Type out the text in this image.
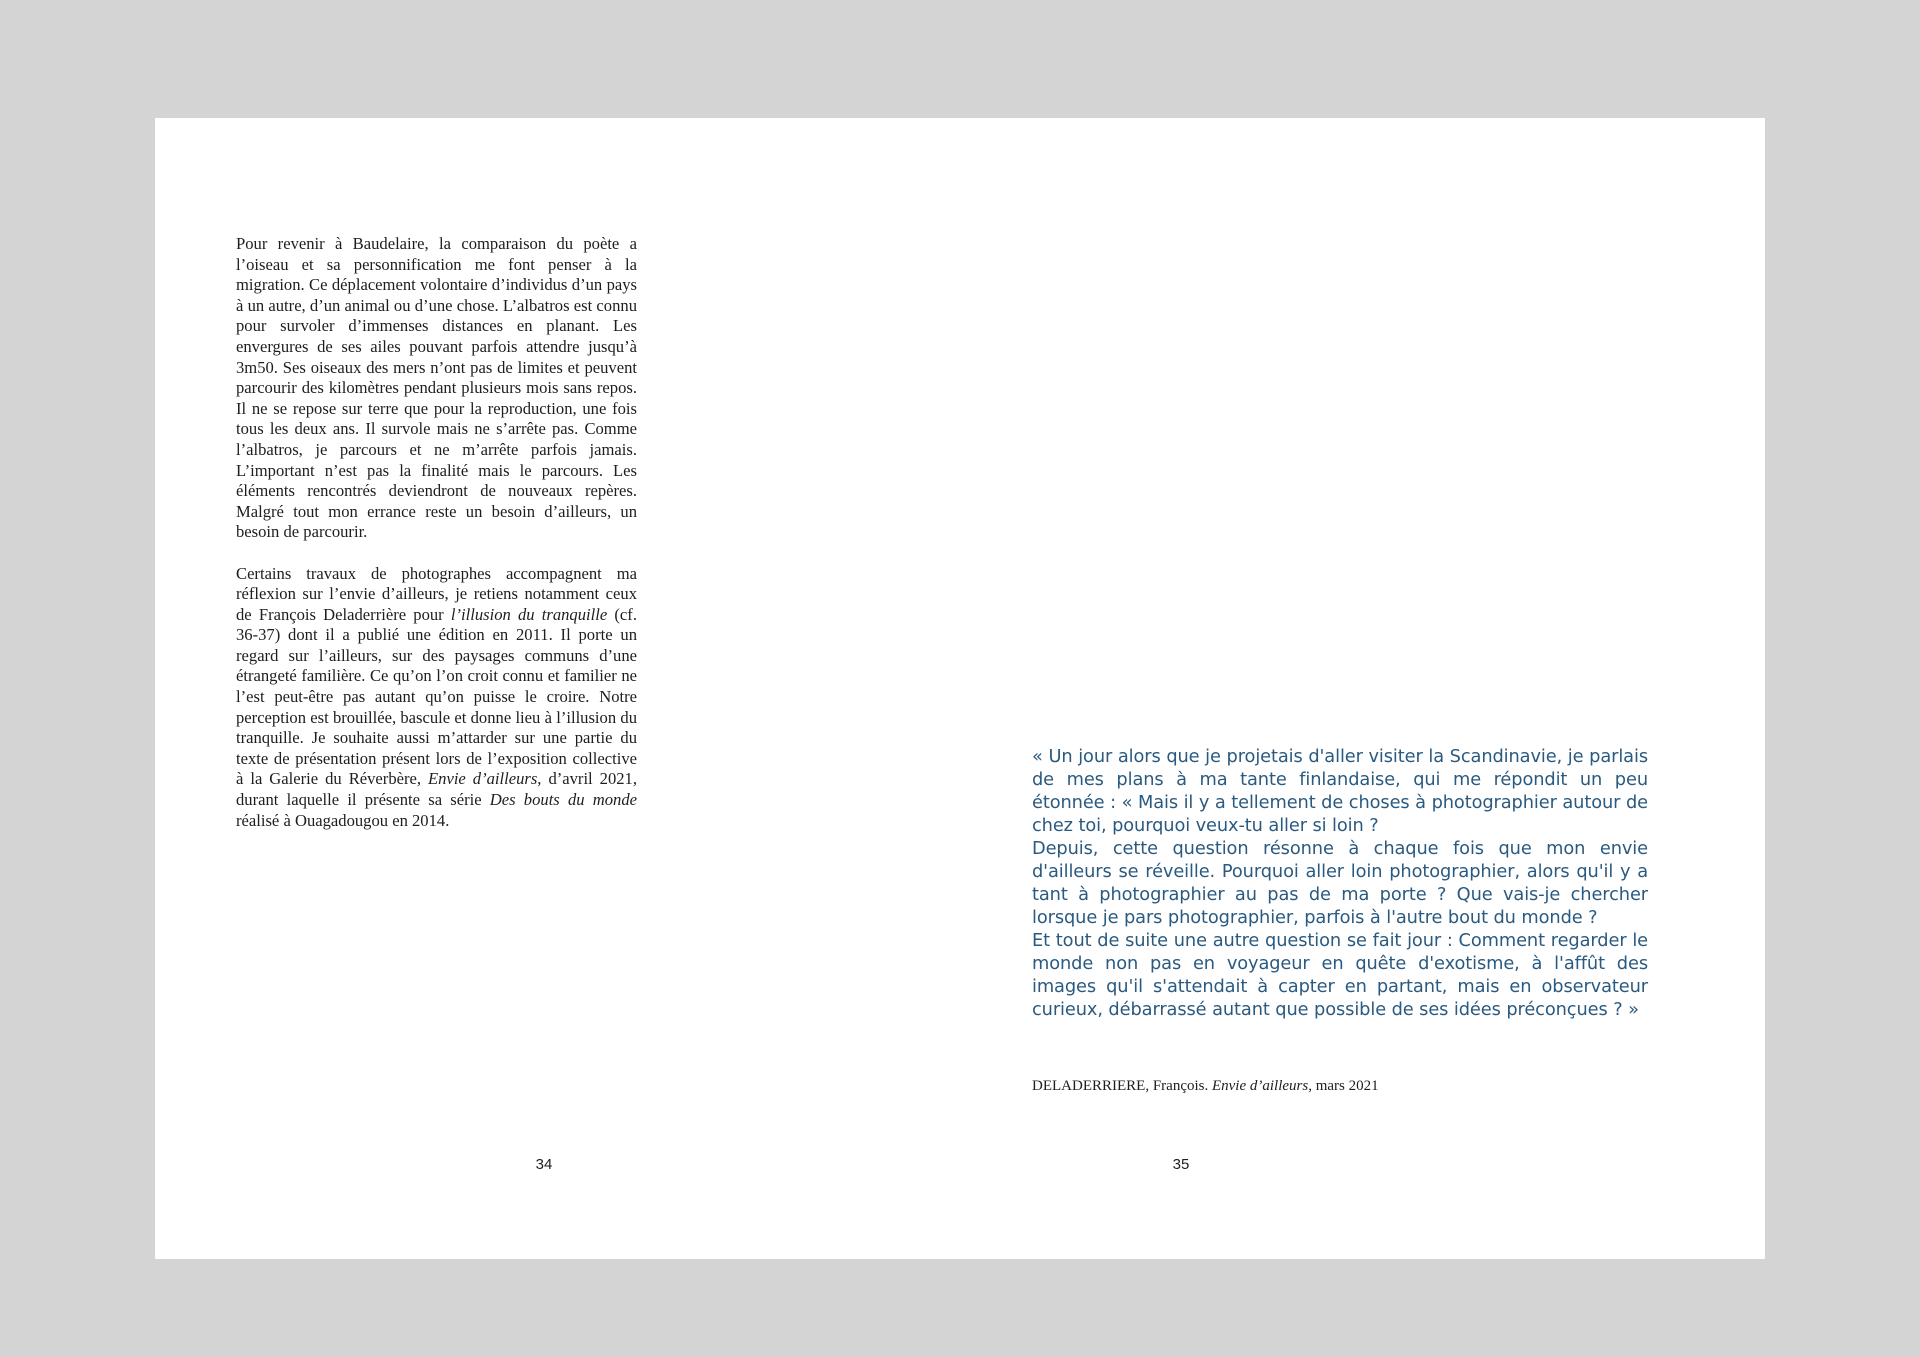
Pour revenir à Baudelaire, la comparaison du poète a l’oiseau et sa personnification me font penser à la migration. Ce déplacement volontaire d’individus d’un pays à un autre, d’un animal ou d’une chose. L’albatros est connu pour survoler d’immenses distances en planant. Les envergures de ses ailes pouvant parfois attendre jusqu’à 3m50. Ses oiseaux des mers n’ont pas de limites et peuvent parcourir des kilomètres pendant plusieurs mois sans repos. Il ne se repose sur terre que pour la reproduction, une fois tous les deux ans. Il survole mais ne s’arrête pas. Comme l’albatros, je parcours et ne m’arrête parfois jamais. L’important n’est pas la finalité mais le parcours. Les éléments rencontrés deviendront de nouveaux repères. Malgré tout mon errance reste un besoin d’ailleurs, un besoin de parcourir.

Certains travaux de photographes accompagnent ma réflexion sur l’envie d’ailleurs, je retiens notamment ceux de François Deladerrière pour l’illusion du tranquille (cf. 36-37) dont il a publié une édition en 2011. Il porte un regard sur l’ailleurs, sur des paysages communs d’une étrangeté familière. Ce qu’on l’on croit connu et familier ne l’est peut-être pas autant qu’on puisse le croire. Notre perception est brouillée, bascule et donne lieu à l’illusion du tranquille. Je souhaite aussi m’attarder sur une partie du texte de présentation présent lors de l’exposition collective à la Galerie du Réverbère, Envie d’ailleurs, d’avril 2021, durant laquelle il présente sa série Des bouts du monde réalisé à Ouagadougou en 2014.

34

« Un jour alors que je projetais d'aller visiter la Scandinavie, je parlais de mes plans à ma tante finlandaise, qui me répondit un peu étonnée : « Mais il y a tellement de choses à photographier autour de chez toi, pourquoi veux-tu aller si loin ?

Depuis, cette question résonne à chaque fois que mon envie d'ailleurs se réveille. Pourquoi aller loin photographier, alors qu'il y a tant à photographier au pas de ma porte ? Que vais-je chercher lorsque je pars photographier, parfois à l'autre bout du monde ?

Et tout de suite une autre question se fait jour : Comment regarder le monde non pas en voyageur en quête d'exotisme, à l'affût des images qu'il s'attendait à capter en partant, mais en observateur curieux, débarrassé autant que possible de ses idées préconçues ? »

DELADERRIERE, François. Envie d’ailleurs, mars 2021
35
